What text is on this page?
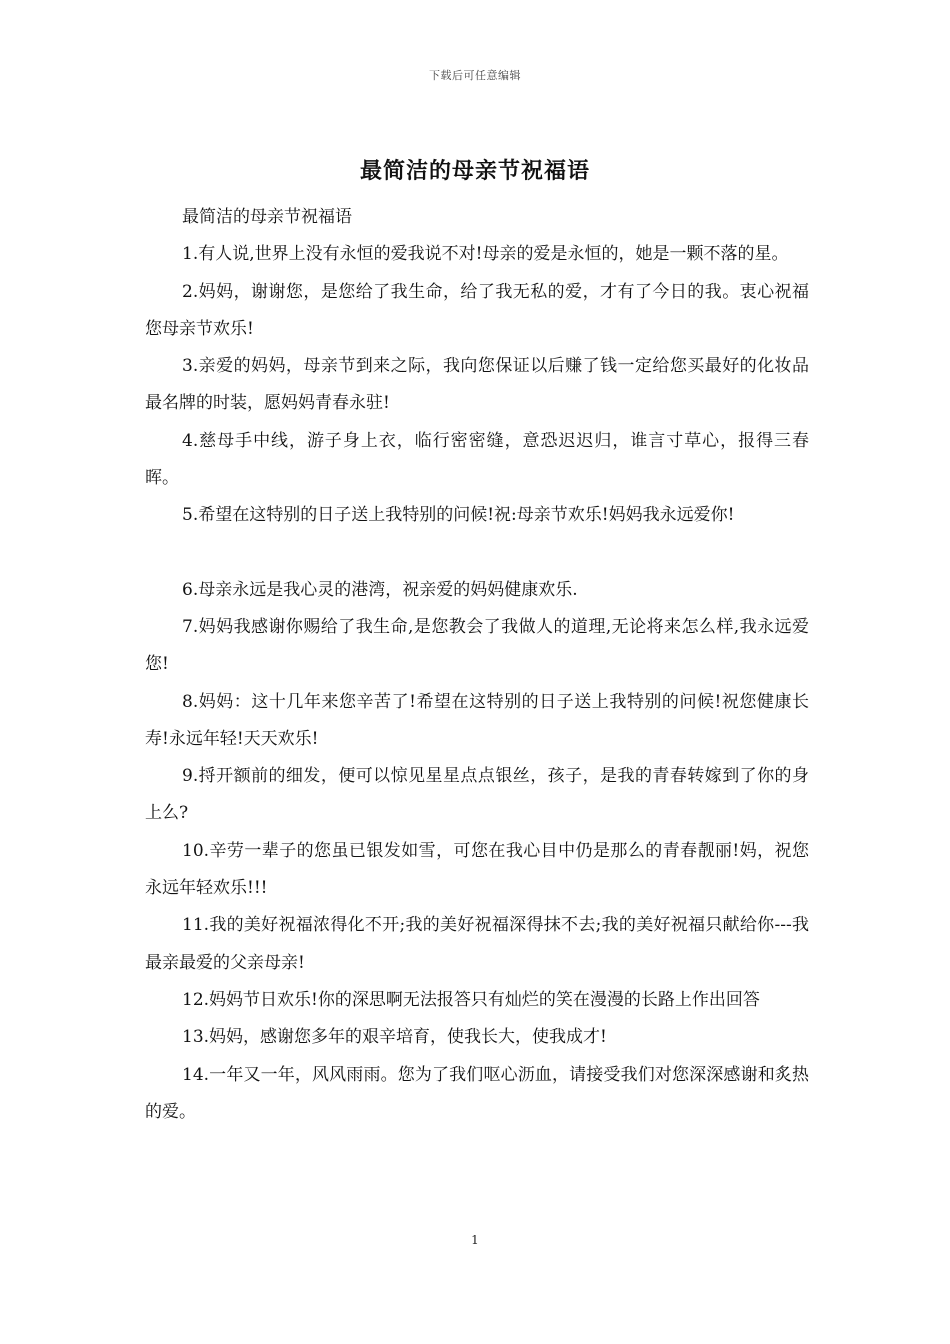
下载后可任意编辑
最简洁的母亲节祝福语

最简洁的母亲节祝福语

1.有人说,世界上没有永恒的爱我说不对!母亲的爱是永恒的，她是一颗不落的星。

2.妈妈，谢谢您，是您给了我生命，给了我无私的爱，才有了今日的我。衷心祝福您母亲节欢乐!

3.亲爱的妈妈，母亲节到来之际，我向您保证以后赚了钱一定给您买最好的化妆品最名牌的时装，愿妈妈青春永驻!

4.慈母手中线，游子身上衣，临行密密缝，意恐迟迟归，谁言寸草心，报得三春晖。

5.希望在这特别的日子送上我特别的问候!祝:母亲节欢乐!妈妈我永远爱你!

6.母亲永远是我心灵的港湾，祝亲爱的妈妈健康欢乐.

7.妈妈我感谢你赐给了我生命,是您教会了我做人的道理,无论将来怎么样,我永远爱您!

8.妈妈：这十几年来您辛苦了!希望在这特别的日子送上我特别的问候!祝您健康长寿!永远年轻!天天欢乐!

9.捋开额前的细发，便可以惊见星星点点银丝，孩子，是我的青春转嫁到了你的身上么?

10.辛劳一辈子的您虽已银发如雪，可您在我心目中仍是那么的青春靓丽!妈，祝您永远年轻欢乐!!!

11.我的美好祝福浓得化不开;我的美好祝福深得抹不去;我的美好祝福只献给你---我最亲最爱的父亲母亲!

12.妈妈节日欢乐!你的深思啊无法报答只有灿烂的笑在漫漫的长路上作出回答

13.妈妈，感谢您多年的艰辛培育，使我长大，使我成才!

14.一年又一年，风风雨雨。您为了我们呕心沥血，请接受我们对您深深感谢和炙热的爱。

1
